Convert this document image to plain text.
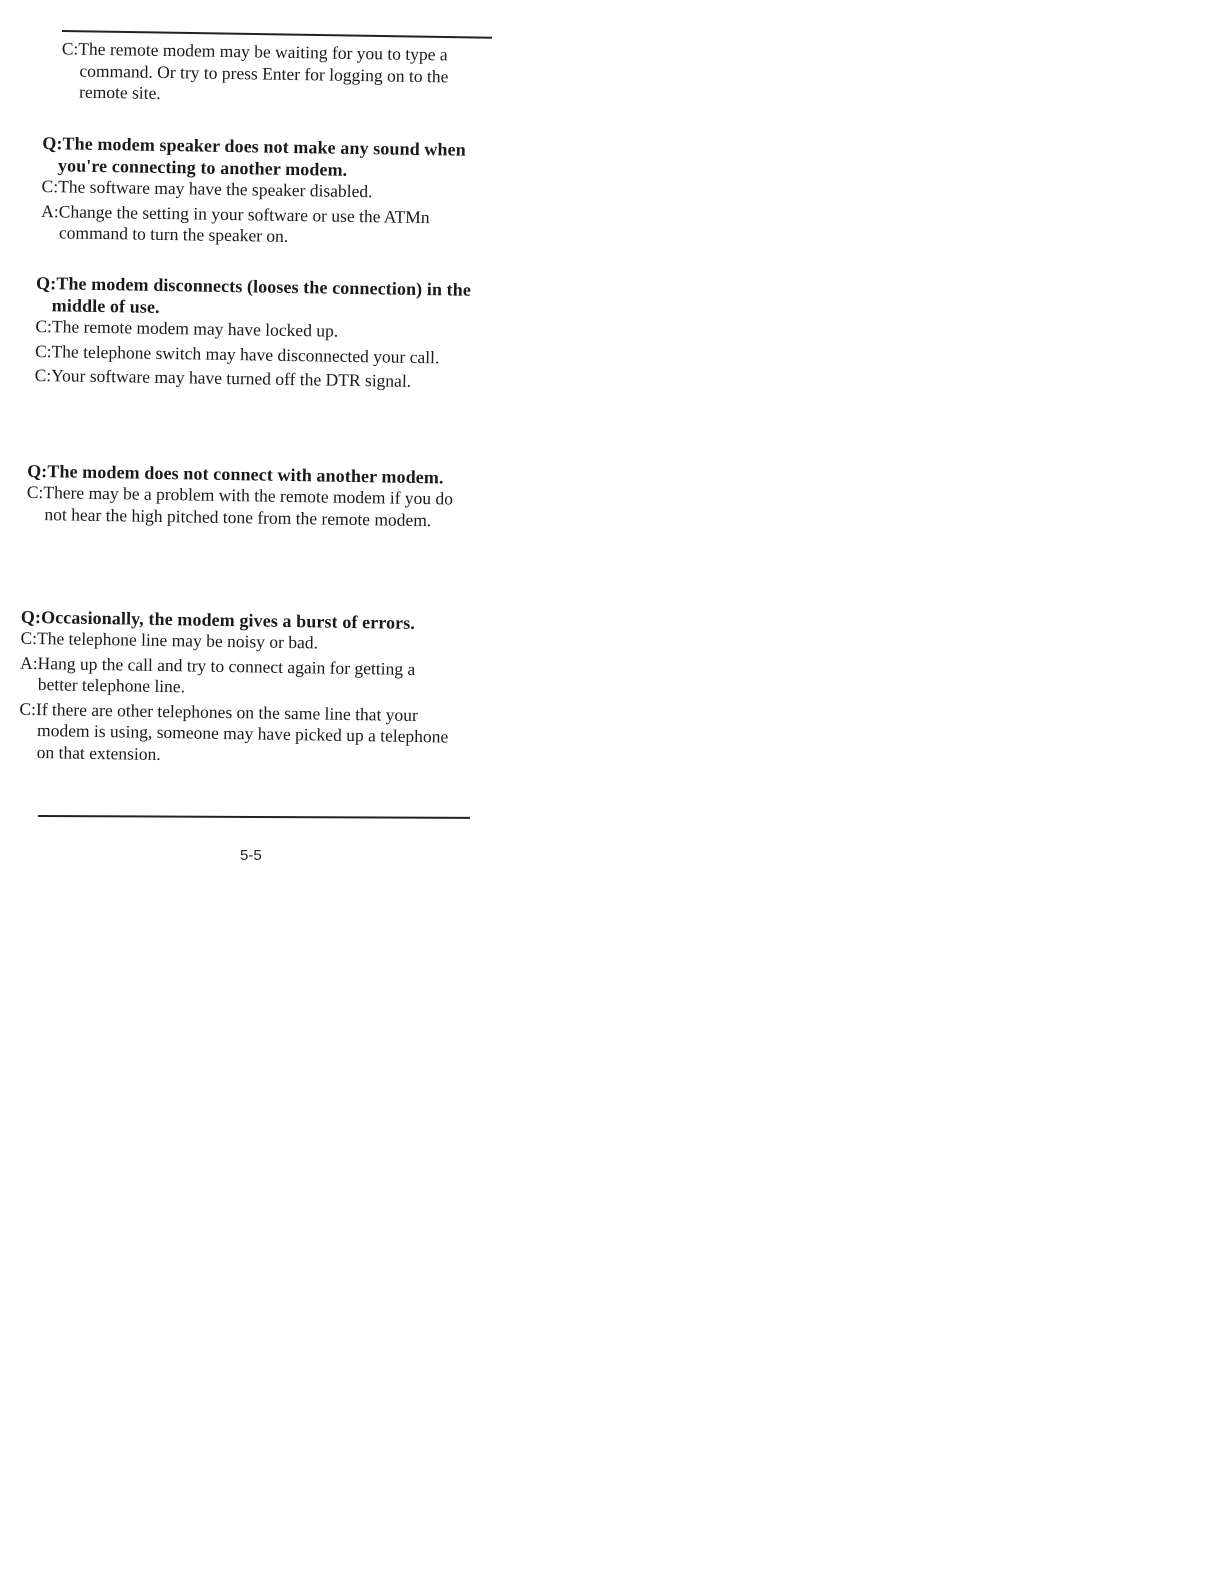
C:The remote modem may be waiting for you to type a command. Or try to press Enter for logging on to the remote site.
Q:The modem speaker does not make any sound when you're connecting to another modem.
C:The software may have the speaker disabled.
A:Change the setting in your software or use the ATMn command to turn the speaker on.
Q:The modem disconnects (looses the connection) in the middle of use.
C:The remote modem may have locked up.
C:The telephone switch may have disconnected your call.
C:Your software may have turned off the DTR signal.
Q:The modem does not connect with another modem.
C:There may be a problem with the remote modem if you do not hear the high pitched tone from the remote modem.
Q:Occasionally, the modem gives a burst of errors.
C:The telephone line may be noisy or bad.
A:Hang up the call and try to connect again for getting a better telephone line.
C:If there are other telephones on the same line that your modem is using, someone may have picked up a telephone on that extension.
5-5
